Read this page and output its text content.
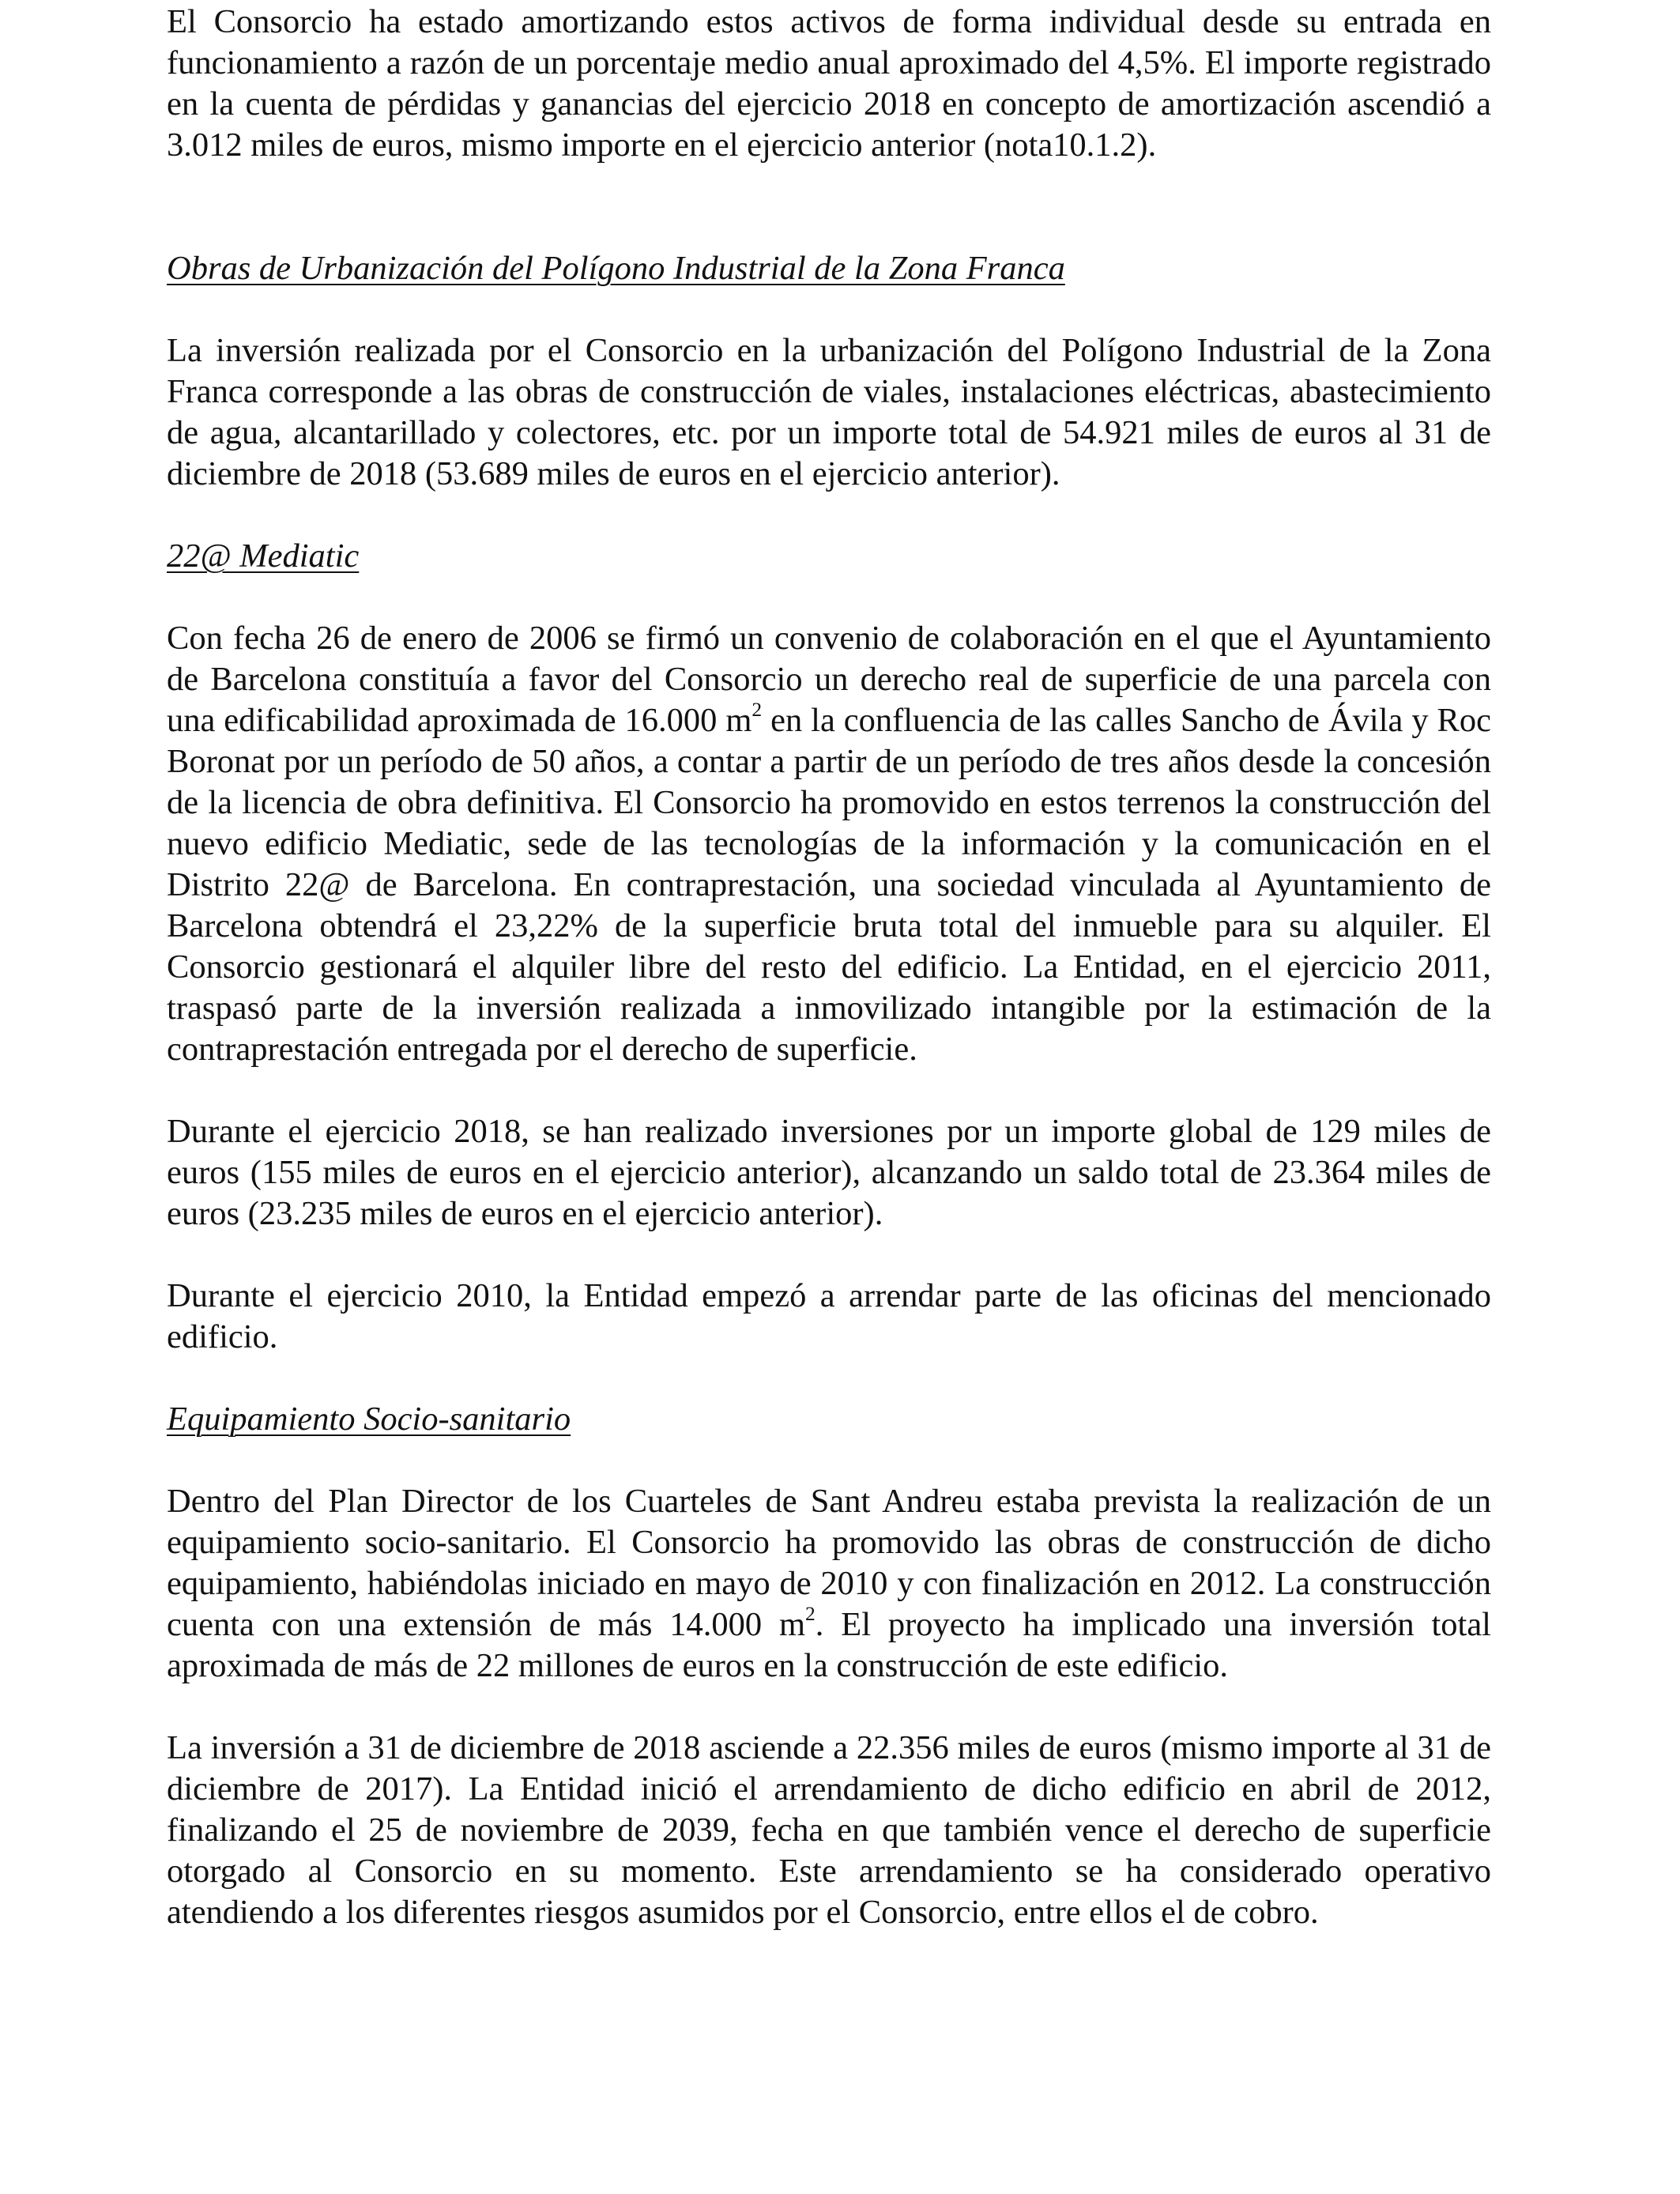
El Consorcio ha estado amortizando estos activos de forma individual desde su entrada en funcionamiento a razón de un porcentaje medio anual aproximado del 4,5%. El importe registrado en la cuenta de pérdidas y ganancias del ejercicio 2018 en concepto de amortización ascendió a 3.012 miles de euros, mismo importe en el ejercicio anterior (nota10.1.2).

Obras de Urbanización del Polígono Industrial de la Zona Franca

La inversión realizada por el Consorcio en la urbanización del Polígono Industrial de la Zona Franca corresponde a las obras de construcción de viales, instalaciones eléctricas, abastecimiento de agua, alcantarillado y colectores, etc. por un importe total de 54.921 miles de euros al 31 de diciembre de 2018 (53.689 miles de euros en el ejercicio anterior).

22@ Mediatic

Con fecha 26 de enero de 2006 se firmó un convenio de colaboración en el que el Ayuntamiento de Barcelona constituía a favor del Consorcio un derecho real de superficie de una parcela con una edificabilidad aproximada de 16.000 $m^2$ en la confluencia de las calles Sancho de Ávila y Roc Boronat por un período de 50 años, a contar a partir de un período de tres años desde la concesión de la licencia de obra definitiva. El Consorcio ha promovido en estos terrenos la construcción del nuevo edificio Mediatic, sede de las tecnologías de la información y la comunicación en el Distrito 22@ de Barcelona. En contraprestación, una sociedad vinculada al Ayuntamiento de Barcelona obtendrá el 23,22% de la superficie bruta total del inmueble para su alquiler. El Consorcio gestionará el alquiler libre del resto del edificio. La Entidad, en el ejercicio 2011, traspasó parte de la inversión realizada a inmovilizado intangible por la estimación de la contraprestación entregada por el derecho de superficie.

Durante el ejercicio 2018, se han realizado inversiones por un importe global de 129 miles de euros (155 miles de euros en el ejercicio anterior), alcanzando un saldo total de 23.364 miles de euros (23.235 miles de euros en el ejercicio anterior).

Durante el ejercicio 2010, la Entidad empezó a arrendar parte de las oficinas del mencionado edificio.

Equipamiento Socio-sanitario

Dentro del Plan Director de los Cuarteles de Sant Andreu estaba prevista la realización de un equipamiento socio-sanitario. El Consorcio ha promovido las obras de construcción de dicho equipamiento, habiéndolas iniciado en mayo de 2010 y con finalización en 2012. La construcción cuenta con una extensión de más 14.000 $m^2$. El proyecto ha implicado una inversión total aproximada de más de 22 millones de euros en la construcción de este edificio.

La inversión a 31 de diciembre de 2018 asciende a 22.356 miles de euros (mismo importe al 31 de diciembre de 2017). La Entidad inició el arrendamiento de dicho edificio en abril de 2012, finalizando el 25 de noviembre de 2039, fecha en que también vence el derecho de superficie otorgado al Consorcio en su momento. Este arrendamiento se ha considerado operativo atendiendo a los diferentes riesgos asumidos por el Consorcio, entre ellos el de cobro.
